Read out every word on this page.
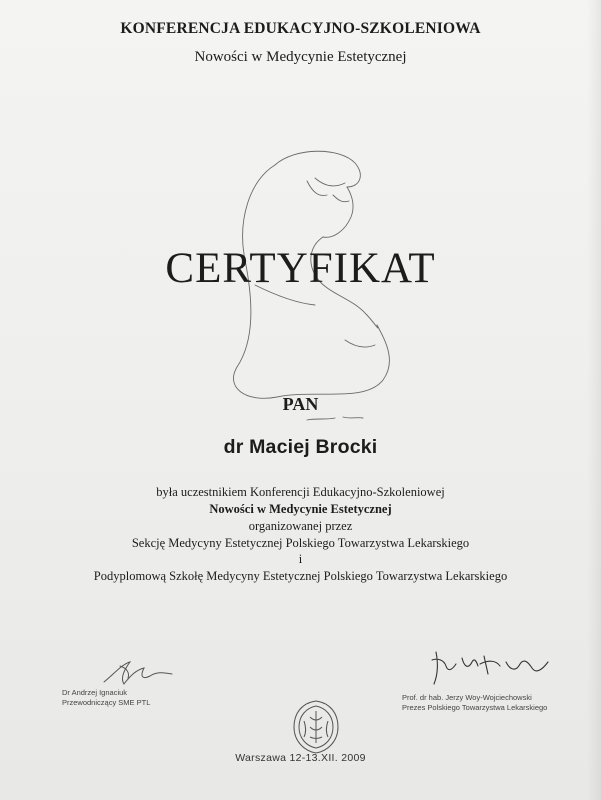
KONFERENCJA EDUKACYJNO-SZKOLENIOWA
Nowości w Medycynie Estetycznej
CERTYFIKAT
PAN
dr Maciej Brocki
była uczestnikiem Konferencji Edukacyjno-Szkoleniowej
Nowości w Medycynie Estetycznej
organizowanej przez
Sekcję Medycyny Estetycznej Polskiego Towarzystwa Lekarskiego
i
Podyplomową Szkołę Medycyny Estetycznej Polskiego Towarzystwa Lekarskiego
Dr Andrzej Ignaciuk
Przewodniczący SME PTL
Prof. dr hab. Jerzy Woy-Wojciechowski
Prezes Polskiego Towarzystwa Lekarskiego
Warszawa 12-13.XII. 2009
